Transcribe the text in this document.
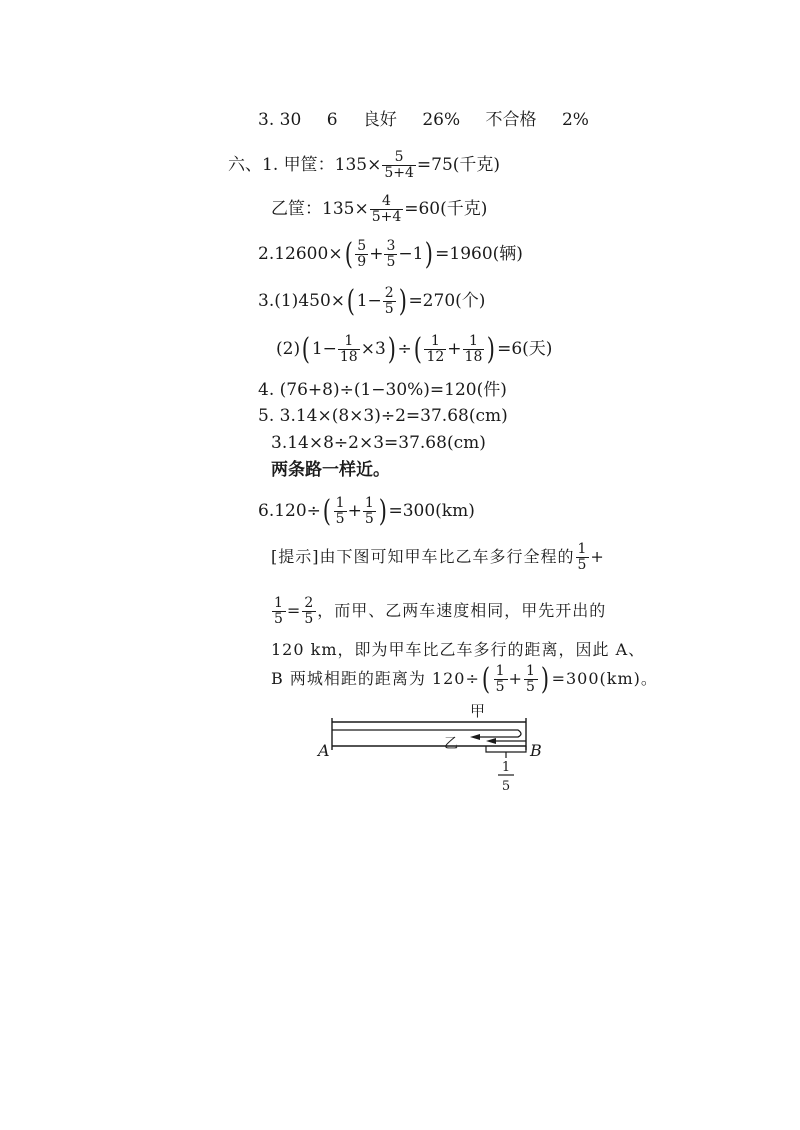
3. 30 6 良好 26% 不合格 2%
六、1. 甲筐：$135\times \frac{5}{5+4} =75$(千克)
乙筐：$135\times \frac{4}{5+4} =60$(千克)
$2.12600\times( \frac{5}{9} + \frac{3}{5} -1) =1960$(辆)
3.(1)450×( $1- \frac{2}{5}$ ) =270(个)
(2)( $1- \frac{1}{18} \times 3$) ÷( $\frac{1}{12} + \frac{1}{18}$ ) =6(天)
4. (76+8)÷(1−30%)=120(件)
5. 3.14×(8×3)÷2=37.68(cm)
3.14×8÷2×3=37.68(cm)
两条路一样近。
$6.120\div( \frac{1}{5} + \frac{1}{5}$ ) =300(km)
[提示]由下图可知甲车比乙车多行全程的 $\frac{1}{5}$ +
$\frac{1}{5} = \frac{2}{5}$ ，而甲、乙两车速度相同，甲先开出的
120 km，即为甲车比乙车多行的距离，因此 A、
B 两城相距的距离为 $120\div( \frac{1}{5} + \frac{1}{5}$ ) =300(km)。
1
5
A	B
甲
乙
